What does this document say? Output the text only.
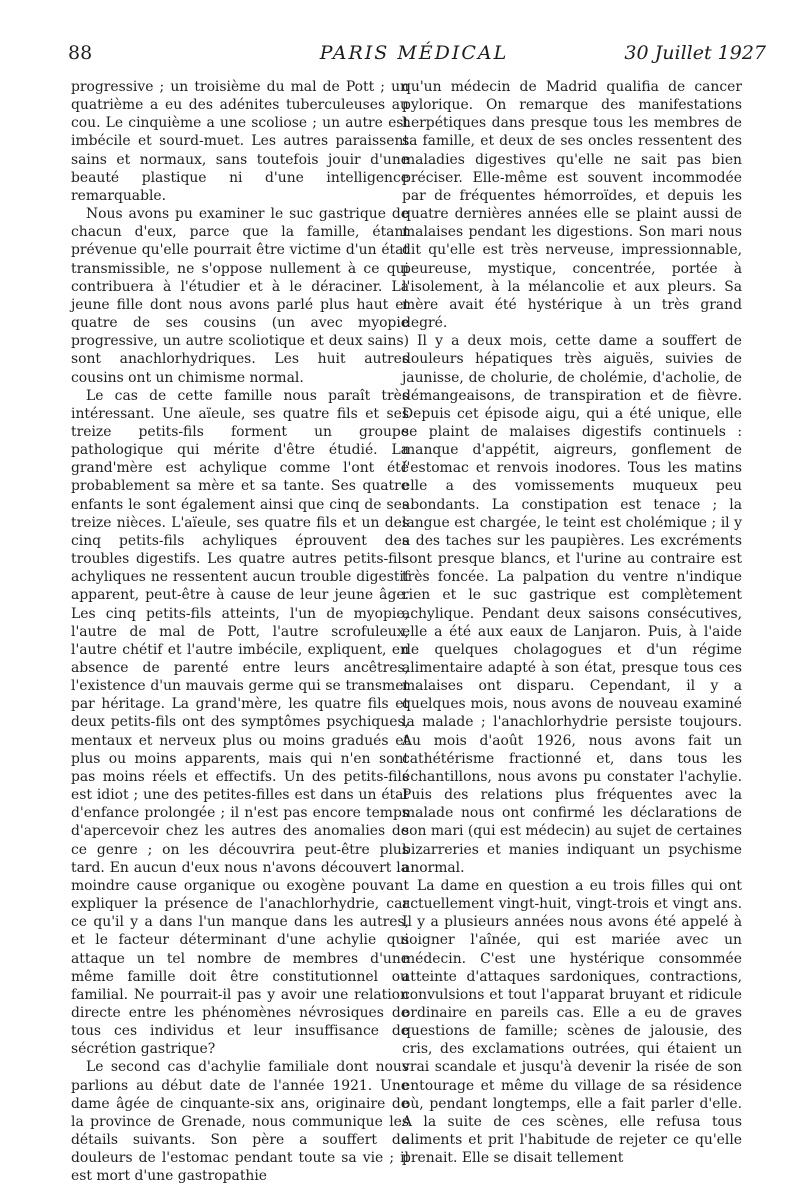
88	PARIS MÉDICAL	30 Juillet 1927

progressive ; un troisième du mal de Pott ; un quatrième a eu des adénites tuberculeuses au cou. Le cinquième a une scoliose ; un autre est imbécile et sourd-muet. Les autres paraissent sains et normaux, sans toutefois jouir d'une beauté plastique ni d'une intelligence remarquable.

Nous avons pu examiner le suc gastrique de chacun d'eux, parce que la famille, étant prévenue qu'elle pourrait être victime d'un état transmissible, ne s'oppose nullement à ce qui contribuera à l'étudier et à le déraciner. La jeune fille dont nous avons parlé plus haut et quatre de ses cousins (un avec myopie progressive, un autre scoliotique et deux sains) sont anachlorhydriques. Les huit autres cousins ont un chimisme normal.

Le cas de cette famille nous paraît très intéressant. Une aïeule, ses quatre fils et ses treize petits-fils forment un groupe pathologique qui mérite d'être étudié. La grand'mère est achylique comme l'ont été probablement sa mère et sa tante. Ses quatre enfants le sont également ainsi que cinq de ses treize nièces. L'aïeule, ses quatre fils et un des cinq petits-fils achyliques éprouvent des troubles digestifs. Les quatre autres petits-fils achyliques ne ressentent aucun trouble digestif apparent, peut-être à cause de leur jeune âge. Les cinq petits-fils atteints, l'un de myopie, l'autre de mal de Pott, l'autre scrofuleux, l'autre chétif et l'autre imbécile, expliquent, en absence de parenté entre leurs ancêtres, l'existence d'un mauvais germe qui se transmet par héritage. La grand'mère, les quatre fils et deux petits-fils ont des symptômes psychiques, mentaux et nerveux plus ou moins gradués et plus ou moins apparents, mais qui n'en sont pas moins réels et effectifs. Un des petits-fils est idiot ; une des petites-filles est dans un état d'enfance prolongée ; il n'est pas encore temps d'apercevoir chez les autres des anomalies de ce genre ; on les découvrira peut-être plus tard. En aucun d'eux nous n'avons découvert la moindre cause organique ou exogène pouvant expliquer la présence de l'anachlorhydrie, car ce qu'il y a dans l'un manque dans les autres, et le facteur déterminant d'une achylie qui attaque un tel nombre de membres d'une même famille doit être constitutionnel ou familial. Ne pourrait-il pas y avoir une relation directe entre les phénomènes névrosiques de tous ces individus et leur insuffisance de sécrétion gastrique?

Le second cas d'achylie familiale dont nous parlions au début date de l'année 1921. Une dame âgée de cinquante-six ans, originaire de la province de Grenade, nous communique les détails suivants. Son père a souffert de douleurs de l'estomac pendant toute sa vie ; il est mort d'une gastropathie

qu'un médecin de Madrid qualifia de cancer pylorique. On remarque des manifestations herpétiques dans presque tous les membres de sa famille, et deux de ses oncles ressentent des maladies digestives qu'elle ne sait pas bien préciser. Elle-même est souvent incommodée par de fréquentes hémorroïdes, et depuis les quatre dernières années elle se plaint aussi de malaises pendant les digestions. Son mari nous dit qu'elle est très nerveuse, impressionnable, peureuse, mystique, concentrée, portée à l'isolement, à la mélancolie et aux pleurs. Sa mère avait été hystérique à un très grand degré.

Il y a deux mois, cette dame a souffert de douleurs hépatiques très aiguës, suivies de jaunisse, de cholurie, de cholémie, d'acholie, de démangeaisons, de transpiration et de fièvre. Depuis cet épisode aigu, qui a été unique, elle se plaint de malaises digestifs continuels : manque d'appétit, aigreurs, gonflement de l'estomac et renvois inodores. Tous les matins elle a des vomissements muqueux peu abondants. La constipation est tenace ; la langue est chargée, le teint est cholémique ; il y a des taches sur les paupières. Les excréments sont presque blancs, et l'urine au contraire est très foncée. La palpation du ventre n'indique rien et le suc gastrique est complètement achylique. Pendant deux saisons consécutives, elle a été aux eaux de Lanjaron. Puis, à l'aide de quelques cholagogues et d'un régime alimentaire adapté à son état, presque tous ces malaises ont disparu. Cependant, il y a quelques mois, nous avons de nouveau examiné la malade ; l'anachlorhydrie persiste toujours. Au mois d'août 1926, nous avons fait un cathétérisme fractionné et, dans tous les échantillons, nous avons pu constater l'achylie. Puis des relations plus fréquentes avec la malade nous ont confirmé les déclarations de son mari (qui est médecin) au sujet de certaines bizarreries et manies indiquant un psychisme anormal.

La dame en question a eu trois filles qui ont actuellement vingt-huit, vingt-trois et vingt ans. Il y a plusieurs années nous avons été appelé à soigner l'aînée, qui est mariée avec un médecin. C'est une hystérique consommée atteinte d'attaques sardoniques, contractions, convulsions et tout l'apparat bruyant et ridicule ordinaire en pareils cas. Elle a eu de graves questions de famille; scènes de jalousie, des cris, des exclamations outrées, qui étaient un vrai scandale et jusqu'à devenir la risée de son entourage et même du village de sa résidence où, pendant longtemps, elle a fait parler d'elle. A la suite de ces scènes, elle refusa tous aliments et prit l'habitude de rejeter ce qu'elle prenait. Elle se disait tellement
